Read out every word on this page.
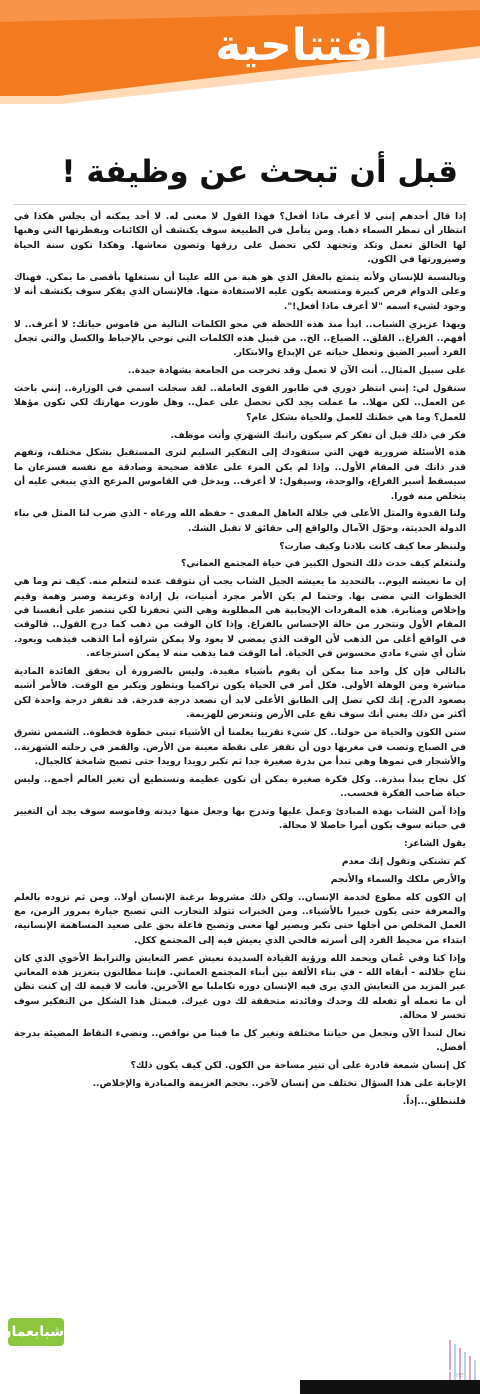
افتتاحية
قبل أن تبحث عن وظيفة !

إذا قال أحدهم إنني لا أعرف ماذا أفعل؟ فهذا القول لا معنى له. لا أحد يمكنه أن يجلس هكذا في انتظار أن تمطر السماء ذهبا. ومن يتأمل في الطبيعة سوف يكتشف أن الكائنات وبفطرتها التي وهبها لها الخالق تعمل وتكد وتجتهد لكي تحصل على رزقها وتصون معاشها. وهكذا تكون سنة الحياة وصيرورتها في الكون.

وبالنسبة للإنسان ولأنه يتمتع بالعقل الذي هو هبة من الله علينا أن نستغلها بأقصى ما يمكن. فهناك وعلى الدوام فرص كبيرة ومتسعة يكون عليه الاستفادة منها. فالإنسان الذي يفكر سوف يكتشف أنه لا وجود لشيء اسمه "لا أعرف ماذا أفعل!".

ويهذا عزيزي الشباب.. ابدأ منذ هذه اللحظة في محو الكلمات التالية من قاموس حياتك: لا أعرف.. لا أفهم.. الفراغ.. القلق.. الضياع.. الخ.. من قبيل هذه الكلمات التي توحي بالإحباط والكسل والتي تجعل الفرد أسير الضيق وتعطل حياته عن الإبداع والابتكار.

على سبيل المثال.. أنت الآن لا تعمل وقد تخرجت من الجامعة بشهادة جيدة..

ستقول لي: إنني انتظر دوري في طابور القوى العاملة.. لقد سجلت اسمي في الوزارة.. إنني باحث عن العمل.. لكن مهلا.. ما عملت يجد لكي تحصل على عمل.. وهل طورت مهارتك لكي تكون مؤهلا للعمل؟ وما هي خطتك للعمل وللحياة بشكل عام؟

فكر في ذلك قبل أن تفكر كم سيكون راتبك الشهري وأنت موظف.

هذه الأسئلة ضرورية فهي التي ستقودك إلى التفكير السليم لترى المستقبل بشكل مختلف، وتفهم قدر ذاتك في المقام الأول.. وإذا لم يكن المرء على علاقة صحيحة وصادقة مع نفسه فسرعان ما سيسقط أسير الفراغ، والوحدة، وسيقول: لا أعرف.. ويدخل في القاموس المزعج الذي ينبغي عليه أن يتخلص منه فورا.

ولنا القدوة والمثل الأعلى في جلالة العاهل المفدى - حفظه الله ورعاه - الذي ضرب لنا المثل في بناء الدولة الحديثة، وحوّل الآمال والواقع إلى حقائق لا تقبل الشك.

ولننظر معا كيف كانت بلادنا وكيف صارت؟

ولنتعلم كيف حدث ذلك التحول الكبير في حياة المجتمع العماني؟

إن ما نعيشه اليوم.. بالتحديد ما يعيشه الجيل الشاب يجب أن نتوقف عنده لنتعلم منه. كيف تم وما هي الخطوات التي مضى بها. وحتما لم يكن الأمر مجرد أمنيات، بل إرادة وعزيمة وصبر وهمة وقيم وإخلاص ومثابرة. هذه المفردات الإيجابية هي المطلوبة وهي التي تحفزنا لكي ننتصر على أنفسنا في المقام الأول ونتحرر من حالة الإحساس بالفراغ. وإذا كان الوقت من ذهب كما درج القول.. فالوقت في الواقع أغلى من الذهب لأن الوقت الذي يمضي لا يعود ولا يمكن شراؤه أما الذهب فيذهب ويعود. شأن أي شيء مادي محسوس في الحياة. أما الوقت فما يذهب منه لا يمكن استرجاعه.

بالتالي فإن كل واحد منا يمكن أن يقوم بأشياء مفيدة. وليس بالضرورة أن يحقق الفائدة المادية مباشرة ومن الوهلة الأولى. فكل أمر في الحياة يكون تراكميا ويتطور ويكبر مع الوقت. فالأمر أشبه بصعود الدرج. إنك لكي تصل إلى الطابق الأعلى لابد أن تصعد درجة فدرجة. قد تقفز درجة واحدة لكن أكثر من ذلك يعني أنك سوف تقع على الأرض وتتعرض للهزيمة.

سنن الكون والحياة من حولنا.. كل شيء تقريبا يعلمنا أن الأشياء تبنى خطوة فخطوة.. الشمس تشرق في الصباح وتصب في مغربها دون أن تقفز على نقطة معينة من الأرض. والقمر في رحلته الشهرية.. والأشجار في نموها وهي تبدأ من بذرة صغيرة جدا ثم تكبر رويدا رويدا حتى تصبح شامخة كالجبال.

كل نجاح يبدأ ببذرة.. وكل فكرة صغيرة يمكن أن تكون عظيمة وتستطيع أن تغير العالم أجمع.. وليس حياة صاحب الفكرة فحسب..

وإذا آمن الشاب بهذه المبادئ وعمل عليها وتدرج بها وجعل منها ديدنه وقاموسه سوف يجد أن التغيير في حياته سوف يكون أمرا حاصلا لا محالة.

يقول الشاعر:

كم تشتكي وتقول إنك معدم

والأرض ملكك والسماء والأنجم

إن الكون كله مطوع لخدمة الإنسان.. ولكن ذلك مشروط برغبة الإنسان أولا.. ومن ثم تزوده بالعلم والمعرفة حتى يكون خبيرا بالأشياء.. ومن الخبرات تتولد التجارب التي تصبح جبارة بمرور الزمن، مع العمل المخلص من أجلها حتى تكبر ويصير لها معنى وتصبح فاعلة بحق على صعيد المساهمة الإنسانية، ابتداء من محيط الفرد إلى أسرته فالحي الذي يعيش فيه إلى المجتمع ككل.

وإذا كنا وفي عُمان ويحمد الله ورؤية القيادة السديدة نعيش عصر التعايش والترابط الأخوي الذي كان نتاج جلالته - أبقاه الله - في بناء الألفة بين أبناء المجتمع العماني. فإننا مطالبون بتعزيز هذه المعاني عبر المزيد من التعايش الذي يرى فيه الإنسان دوره تكامليا مع الآخرين. فأنت لا قيمة لك إن كنت تظن أن ما تعمله أو تفعله لك وحدك وفائدته متحققة لك دون غيرك. فبمثل هذا الشكل من التفكير سوف تخسر لا محالة.

تعال لنبدأ الآن ونجعل من حياتنا مختلفة ونغير كل ما فينا من نواقص.. ونضيء النقاط المضيئة بدرجة أفضل.

كل إنسان شمعة قادرة على أن تنير مساحة من الكون. لكن كيف يكون ذلك؟

الإجابة على هذا السؤال تختلف من إنسان لآخر.. بحجم العزيمة والمبادرة والإخلاص..

فلننطلق...إذاً.

شبابعمان
Musandam .net
